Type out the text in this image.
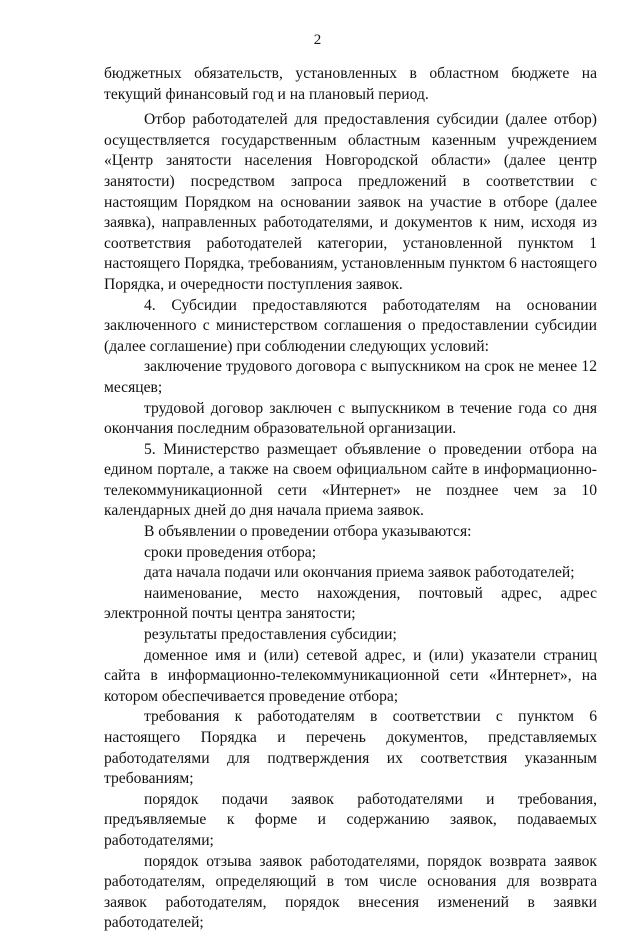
2

бюджетных обязательств, установленных в областном бюджете на текущий финансовый год и на плановый период.

Отбор работодателей для предоставления субсидии (далее отбор) осуществляется государственным областным казенным учреждением «Центр занятости населения Новгородской области» (далее центр занятости) посредством запроса предложений в соответствии с настоящим Порядком на основании заявок на участие в отборе (далее заявка), направленных работодателями, и документов к ним, исходя из соответствия работодателей категории, установленной пунктом 1 настоящего Порядка, требованиям, установленным пунктом 6 настоящего Порядка, и очередности поступления заявок.

4. Субсидии предоставляются работодателям на основании заключенного с министерством соглашения о предоставлении субсидии (далее соглашение) при соблюдении следующих условий:

заключение трудового договора с выпускником на срок не менее 12 месяцев;

трудовой договор заключен с выпускником в течение года со дня окончания последним образовательной организации.

5. Министерство размещает объявление о проведении отбора на едином портале, а также на своем официальном сайте в информационно-телекоммуникационной сети «Интернет» не позднее чем за 10 календарных дней до дня начала приема заявок.

В объявлении о проведении отбора указываются:

сроки проведения отбора;

дата начала подачи или окончания приема заявок работодателей;

наименование, место нахождения, почтовый адрес, адрес электронной почты центра занятости;

результаты предоставления субсидии;

доменное имя и (или) сетевой адрес, и (или) указатели страниц сайта в информационно-телекоммуникационной сети «Интернет», на котором обеспечивается проведение отбора;

требования к работодателям в соответствии с пунктом 6 настоящего Порядка и перечень документов, представляемых работодателями для подтверждения их соответствия указанным требованиям;

порядок подачи заявок работодателями и требования, предъявляемые к форме и содержанию заявок, подаваемых работодателями;

порядок отзыва заявок работодателями, порядок возврата заявок работодателям, определяющий в том числе основания для возврата заявок работодателям, порядок внесения изменений в заявки работодателей;
